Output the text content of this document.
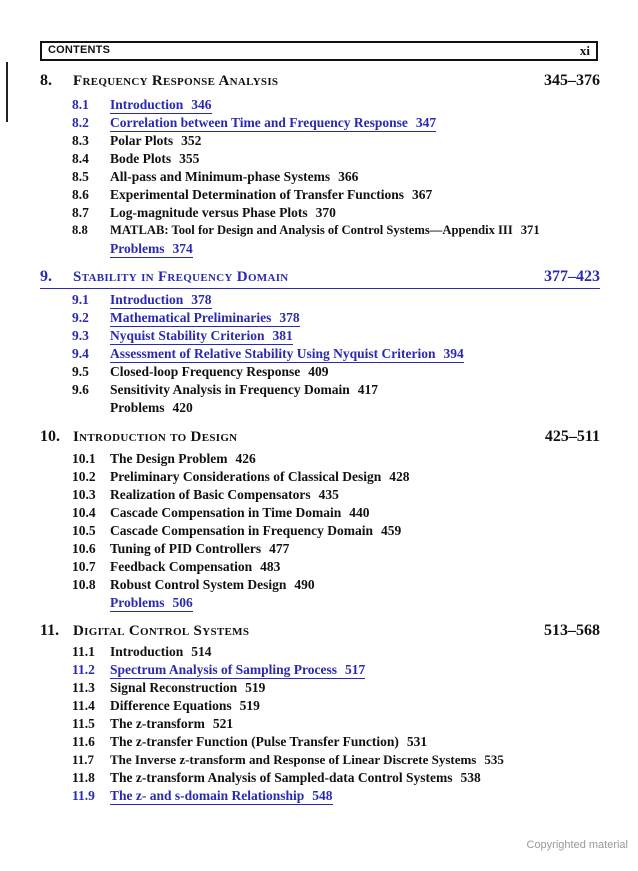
CONTENTS	xi
8. Frequency Response Analysis	345–376
8.1 Introduction 346
8.2 Correlation between Time and Frequency Response 347
8.3 Polar Plots 352
8.4 Bode Plots 355
8.5 All-pass and Minimum-phase Systems 366
8.6 Experimental Determination of Transfer Functions 367
8.7 Log-magnitude versus Phase Plots 370
8.8 MATLAB: Tool for Design and Analysis of Control Systems—Appendix III 371
Problems 374
9. Stability in Frequency Domain	377–423
9.1 Introduction 378
9.2 Mathematical Preliminaries 378
9.3 Nyquist Stability Criterion 381
9.4 Assessment of Relative Stability Using Nyquist Criterion 394
9.5 Closed-loop Frequency Response 409
9.6 Sensitivity Analysis in Frequency Domain 417
Problems 420
10. Introduction to Design	425–511
10.1 The Design Problem 426
10.2 Preliminary Considerations of Classical Design 428
10.3 Realization of Basic Compensators 435
10.4 Cascade Compensation in Time Domain 440
10.5 Cascade Compensation in Frequency Domain 459
10.6 Tuning of PID Controllers 477
10.7 Feedback Compensation 483
10.8 Robust Control System Design 490
Problems 506
11. Digital Control Systems	513–568
11.1 Introduction 514
11.2 Spectrum Analysis of Sampling Process 517
11.3 Signal Reconstruction 519
11.4 Difference Equations 519
11.5 The z-transform 521
11.6 The z-transfer Function (Pulse Transfer Function) 531
11.7 The Inverse z-transform and Response of Linear Discrete Systems 535
11.8 The z-transform Analysis of Sampled-data Control Systems 538
11.9 The z- and s-domain Relationship 548
Copyrighted material
